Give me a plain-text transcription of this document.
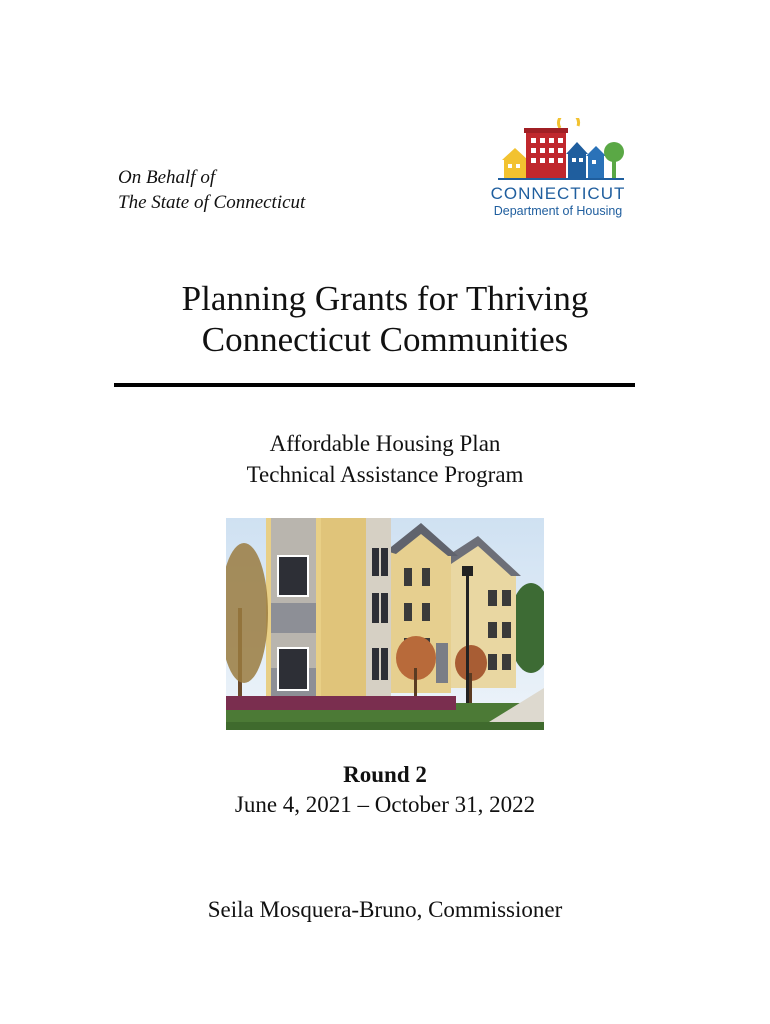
On Behalf of
The State of Connecticut	CONNECTICUT
Department of Housing
Planning Grants for Thriving
Connecticut Communities
Affordable Housing Plan
Technical Assistance Program
Round 2
June 4, 2021 – October 31, 2022
Seila Mosquera-Bruno, Commissioner
